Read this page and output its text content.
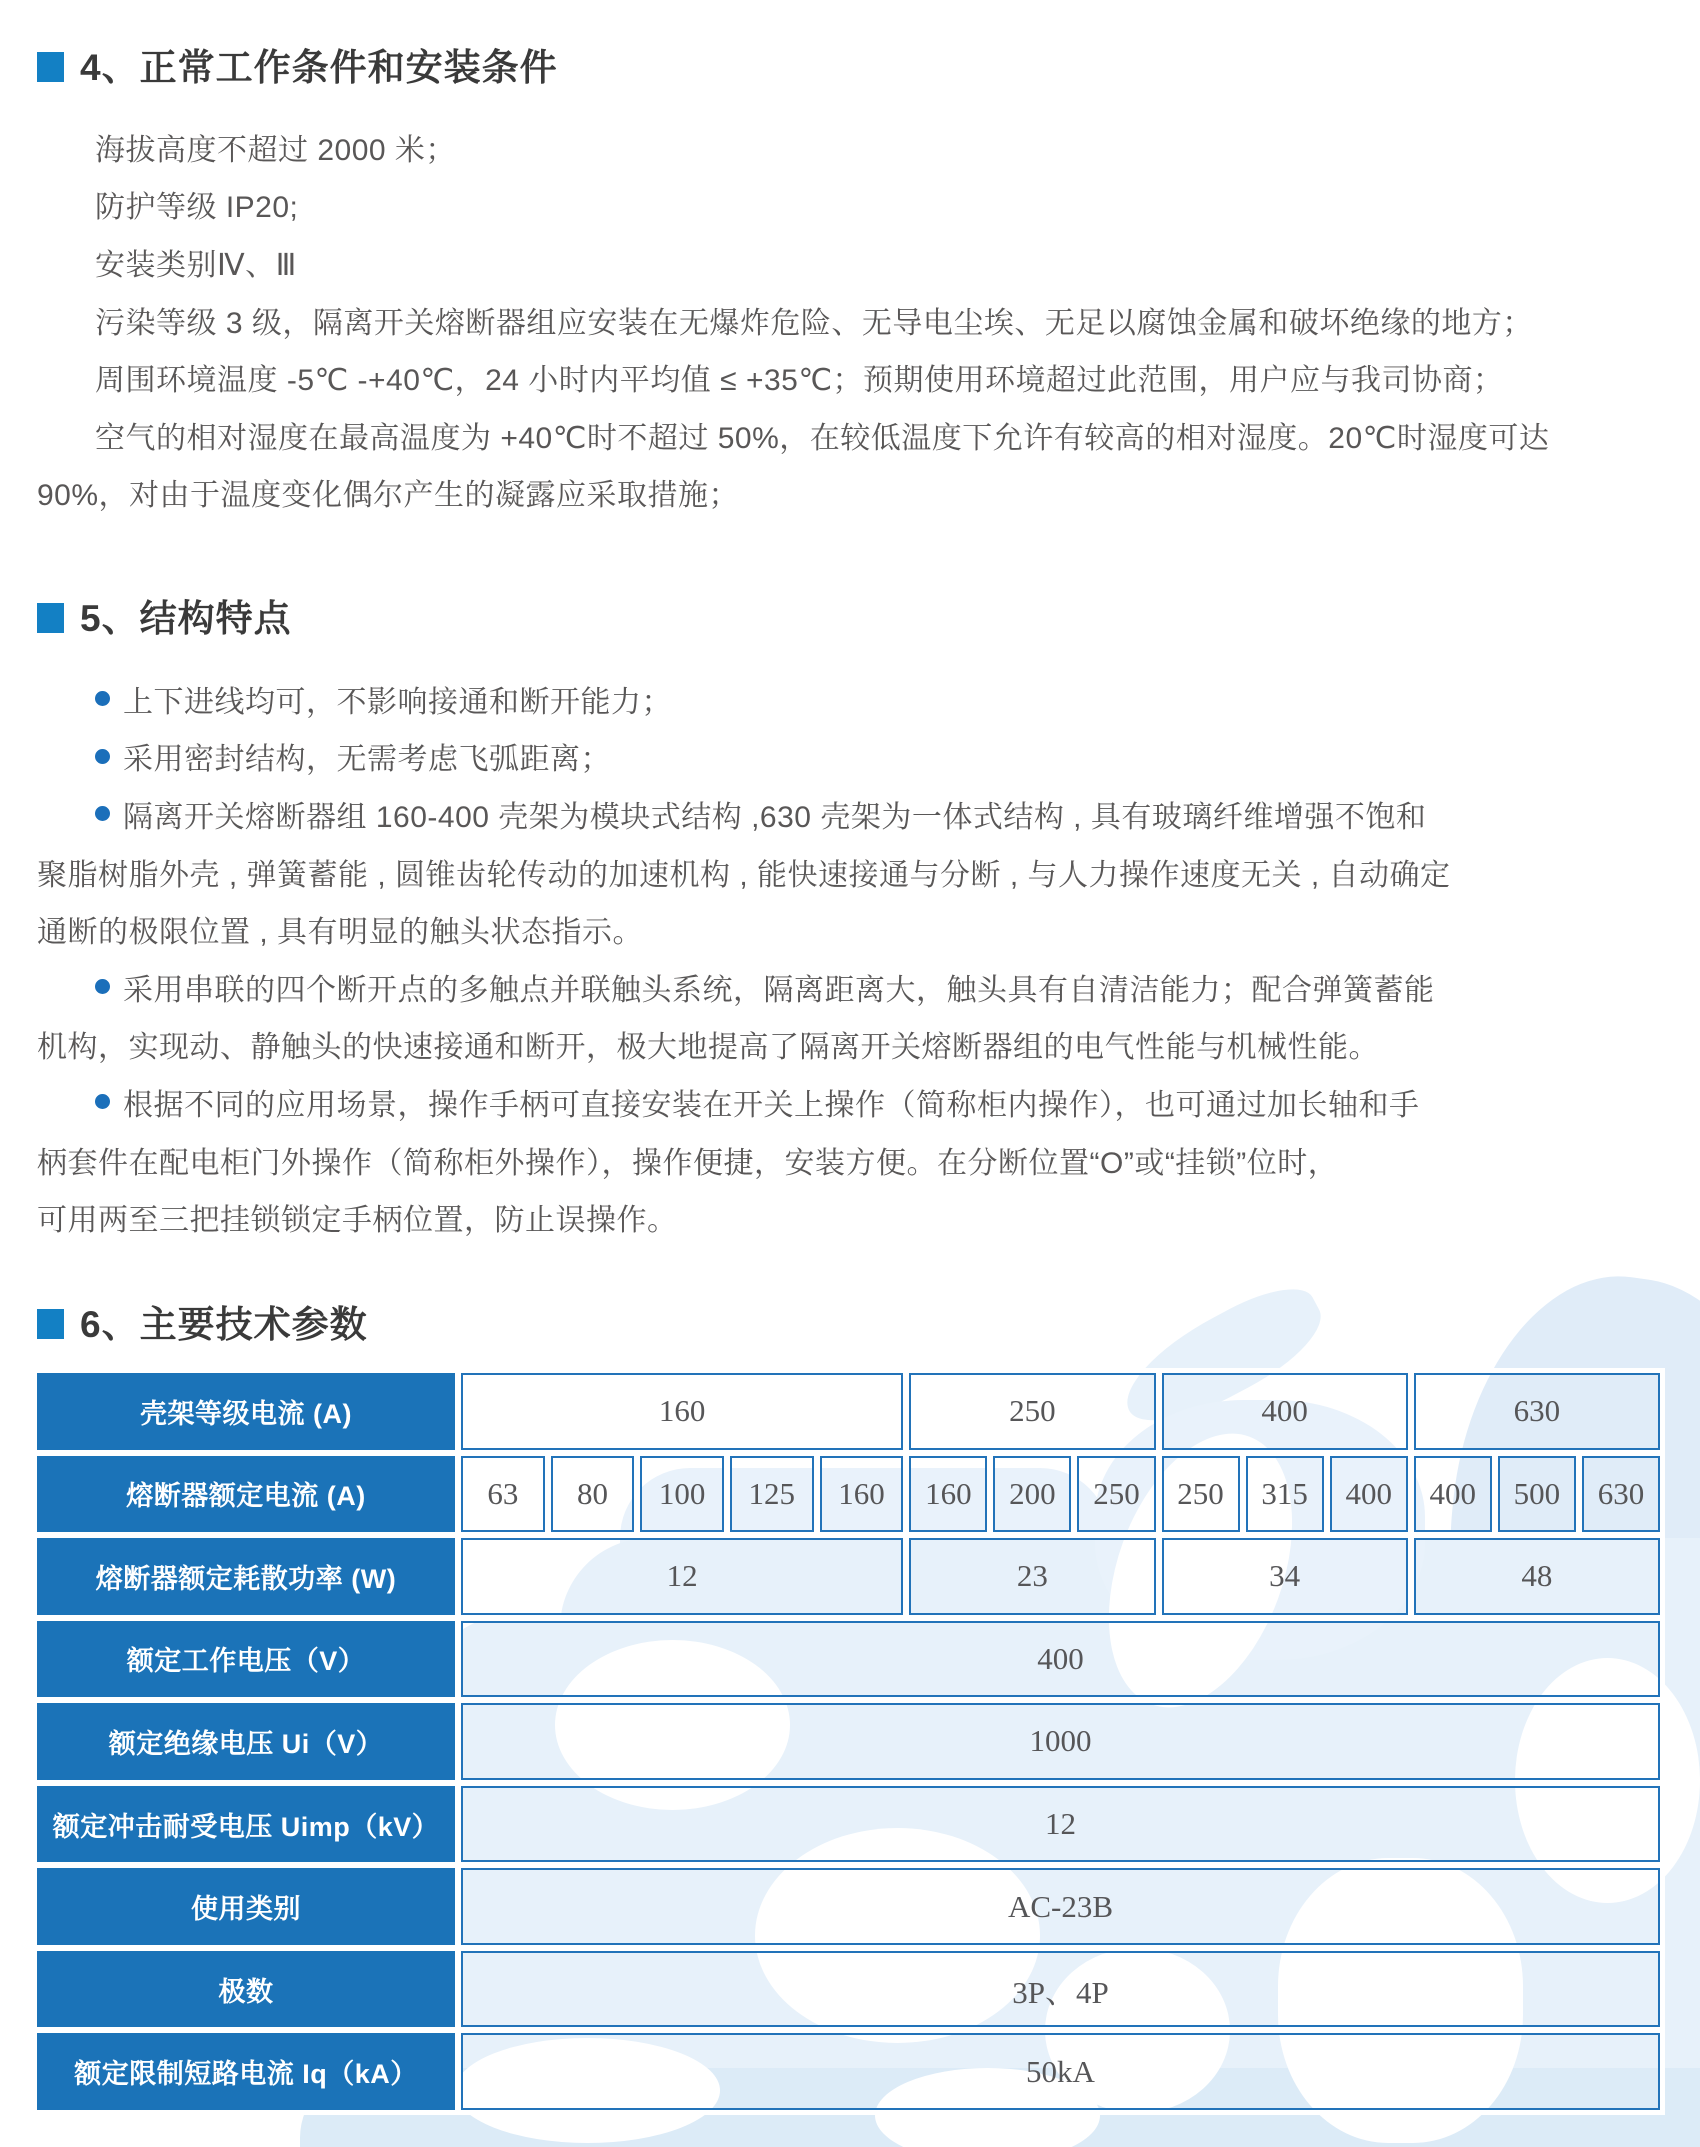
4、正常工作条件和安装条件
海拔高度不超过 2000 米；
防护等级 IP20;
安装类别Ⅳ、Ⅲ
污染等级 3 级，隔离开关熔断器组应安装在无爆炸危险、无导电尘埃、无足以腐蚀金属和破坏绝缘的地方；
周围环境温度 -5℃ -+40℃，24 小时内平均值 ≤ +35℃；预期使用环境超过此范围，用户应与我司协商；
空气的相对湿度在最高温度为 +40℃时不超过 50%，在较低温度下允许有较高的相对湿度。20℃时湿度可达
90%，对由于温度变化偶尔产生的凝露应采取措施；
5、结构特点
上下进线均可，不影响接通和断开能力；
采用密封结构，无需考虑飞弧距离；
隔离开关熔断器组 160-400 壳架为模块式结构 ,630 壳架为一体式结构 , 具有玻璃纤维增强不饱和
聚脂树脂外壳 , 弹簧蓄能 , 圆锥齿轮传动的加速机构 , 能快速接通与分断 , 与人力操作速度无关 , 自动确定
通断的极限位置 , 具有明显的触头状态指示。
采用串联的四个断开点的多触点并联触头系统，隔离距离大，触头具有自清洁能力；配合弹簧蓄能
机构，实现动、静触头的快速接通和断开，极大地提高了隔离开关熔断器组的电气性能与机械性能。
根据不同的应用场景，操作手柄可直接安装在开关上操作（简称柜内操作），也可通过加长轴和手
柄套件在配电柜门外操作（简称柜外操作），操作便捷，安装方便。在分断位置“O”或“挂锁”位时，
可用两至三把挂锁锁定手柄位置，防止误操作。
6、主要技术参数
壳架等级电流 (A)	160	250	400	630
熔断器额定电流 (A)	63	80	100	125	160	160	200	250	250	315	400	400	500	630
熔断器额定耗散功率 (W)	12	23	34	48
额定工作电压（V）	400
额定绝缘电压 Ui（V）	1000
额定冲击耐受电压 Uimp（kV）	12
使用类别	AC-23B
极数	3P、4P
额定限制短路电流 Iq（kA）	50kA
